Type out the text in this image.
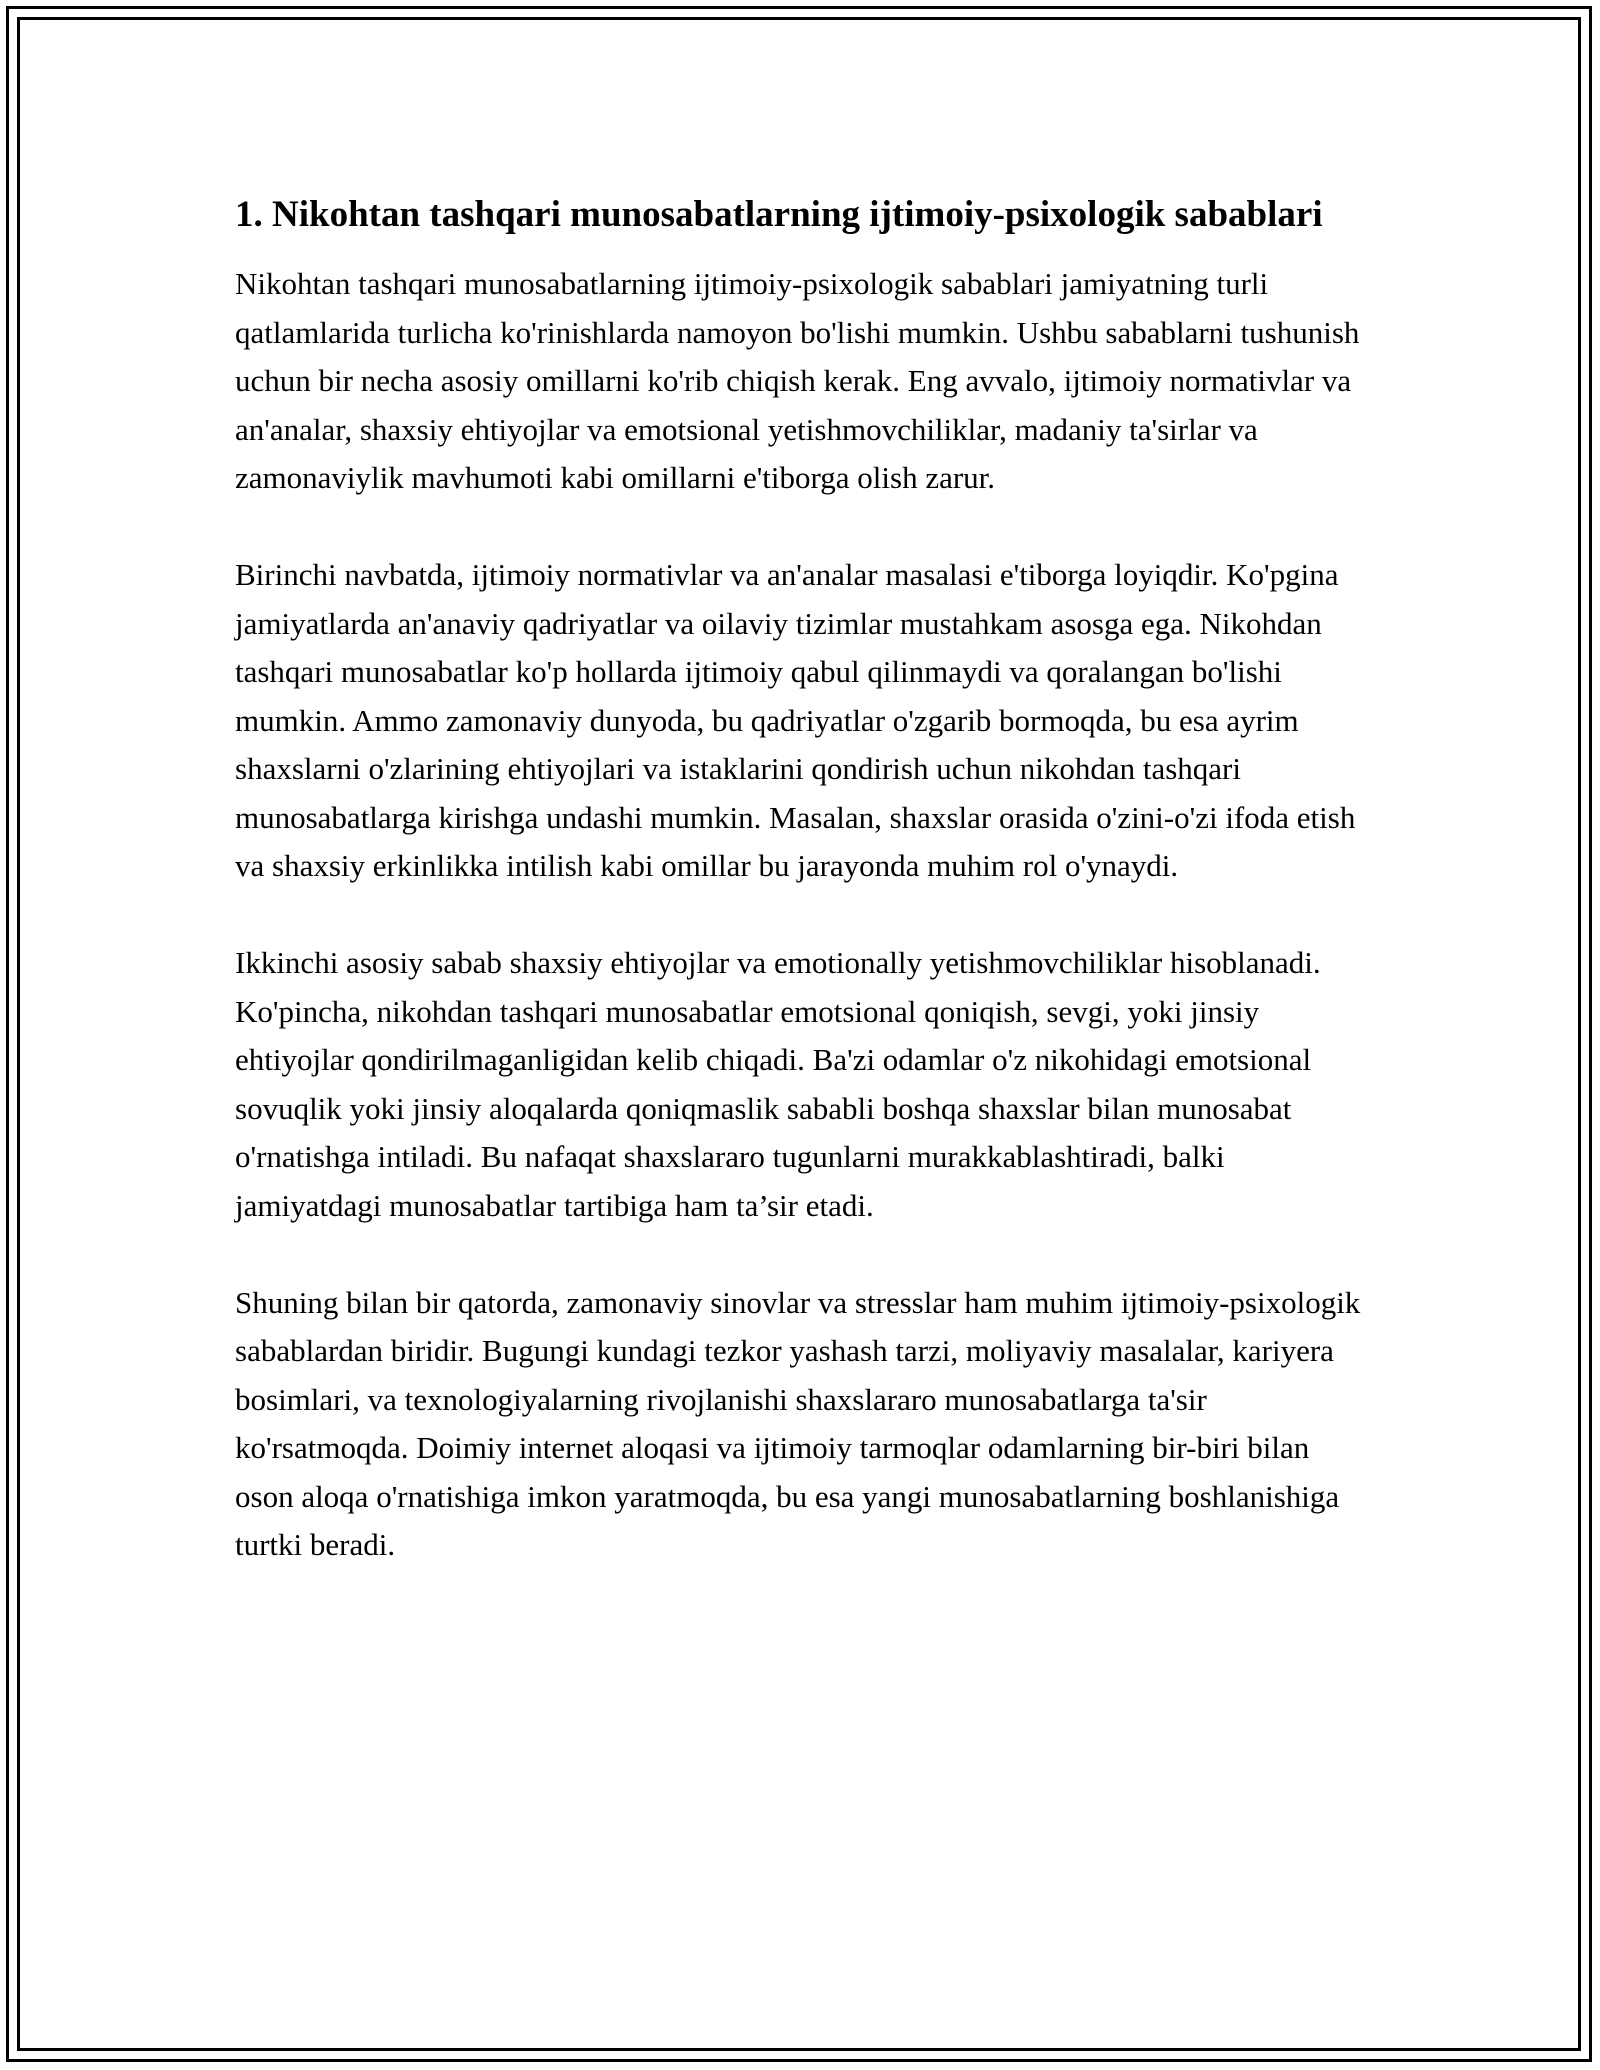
1. Nikohtan tashqari munosabatlarning ijtimoiy-psixologik sabablari

Nikohtan tashqari munosabatlarning ijtimoiy-psixologik sabablari jamiyatning turli qatlamlarida turlicha ko'rinishlarda namoyon bo'lishi mumkin. Ushbu sabablarni tushunish uchun bir necha asosiy omillarni ko'rib chiqish kerak. Eng avvalo, ijtimoiy normativlar va an'analar, shaxsiy ehtiyojlar va emotsional yetishmovchiliklar, madaniy ta'sirlar va zamonaviylik mavhumoti kabi omillarni e'tiborga olish zarur.

Birinchi navbatda, ijtimoiy normativlar va an'analar masalasi e'tiborga loyiqdir. Ko'pgina jamiyatlarda an'anaviy qadriyatlar va oilaviy tizimlar mustahkam asosga ega. Nikohdan tashqari munosabatlar ko'p hollarda ijtimoiy qabul qilinmaydi va qoralangan bo'lishi mumkin. Ammo zamonaviy dunyoda, bu qadriyatlar o'zgarib bormoqda, bu esa ayrim shaxslarni o'zlarining ehtiyojlari va istaklarini qondirish uchun nikohdan tashqari munosabatlarga kirishga undashi mumkin. Masalan, shaxslar orasida o'zini-o'zi ifoda etish va shaxsiy erkinlikka intilish kabi omillar bu jarayonda muhim rol o'ynaydi.

Ikkinchi asosiy sabab shaxsiy ehtiyojlar va emotionally yetishmovchiliklar hisoblanadi. Ko'pincha, nikohdan tashqari munosabatlar emotsional qoniqish, sevgi, yoki jinsiy ehtiyojlar qondirilmaganligidan kelib chiqadi. Ba'zi odamlar o'z nikohidagi emotsional sovuqlik yoki jinsiy aloqalarda qoniqmaslik sababli boshqa shaxslar bilan munosabat o'rnatishga intiladi. Bu nafaqat shaxslararo tugunlarni murakkablashtiradi, balki jamiyatdagi munosabatlar tartibiga ham ta’sir etadi.

Shuning bilan bir qatorda, zamonaviy sinovlar va stresslar ham muhim ijtimoiy-psixologik sabablardan biridir. Bugungi kundagi tezkor yashash tarzi, moliyaviy masalalar, kariyera bosimlari, va texnologiyalarning rivojlanishi shaxslararo munosabatlarga ta'sir ko'rsatmoqda. Doimiy internet aloqasi va ijtimoiy tarmoqlar odamlarning bir-biri bilan oson aloqa o'rnatishiga imkon yaratmoqda, bu esa yangi munosabatlarning boshlanishiga turtki beradi.
